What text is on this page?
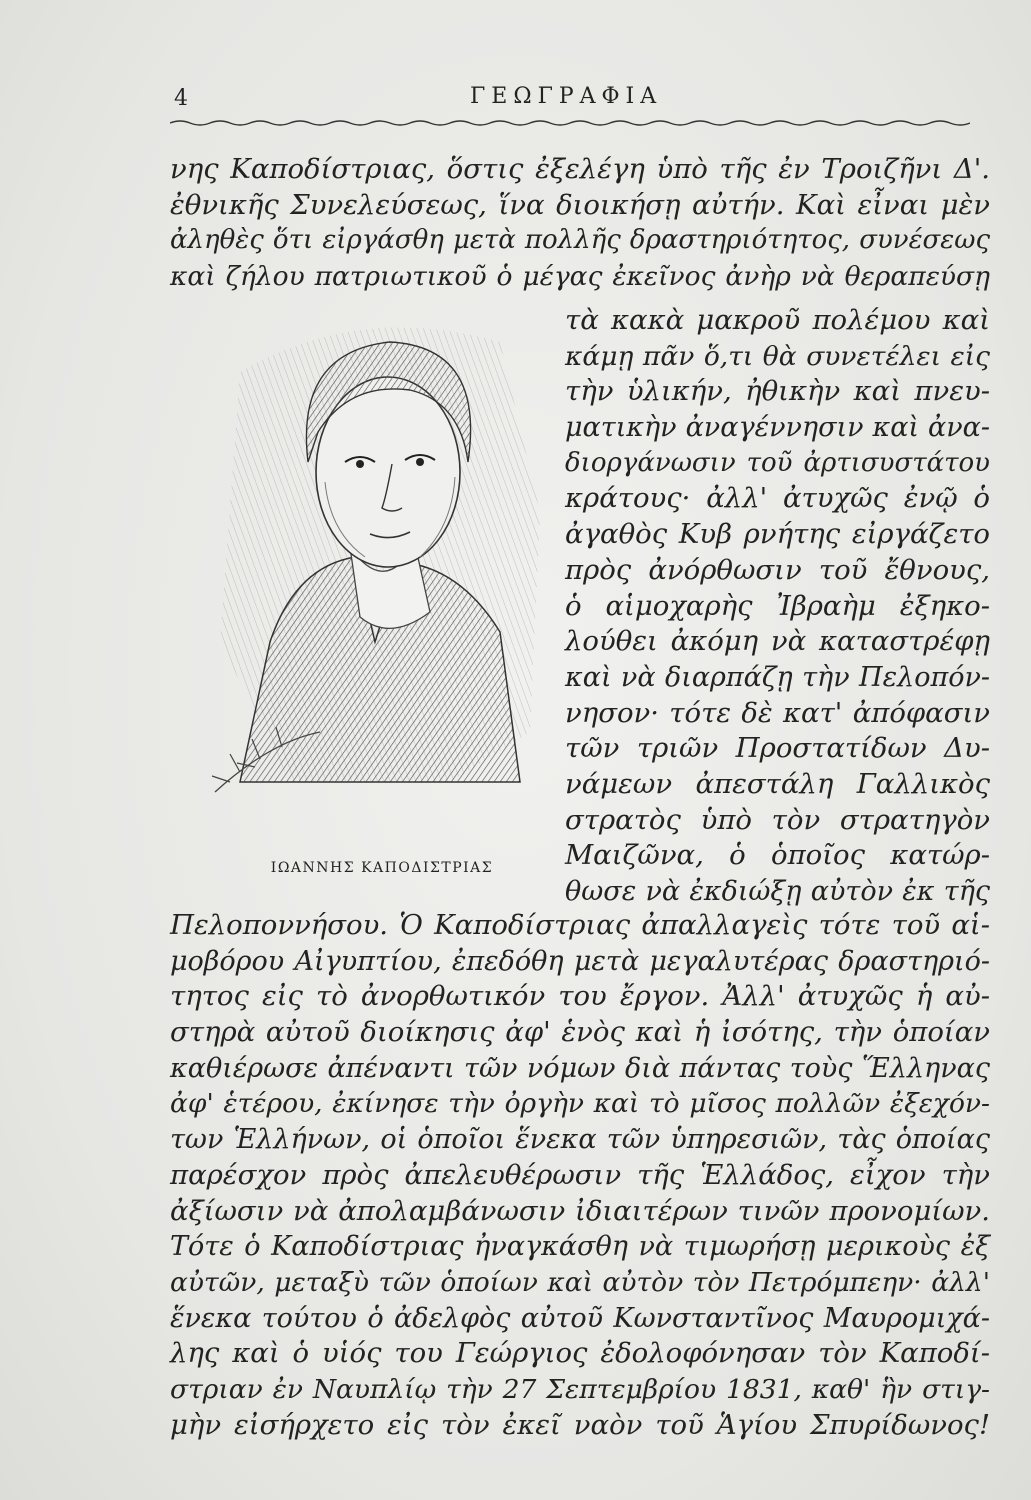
4	ΓΕΩΓΡΑΦΙΑ
νης Καποδίστριας, ὅστις ἐξελέγη ὑπὸ τῆς ἐν Τροιζῆνι Δ'.
ἐθνικῆς Συνελεύσεως, ἵνα διοικήσῃ αὐτήν. Καὶ εἶναι μὲν
ἀληθὲς ὅτι εἰργάσθη μετὰ πολλῆς δραστηριότητος, συνέσεως
καὶ ζήλου πατριωτικοῦ ὁ μέγας ἐκεῖνος ἀνὴρ νὰ θεραπεύσῃ
τὰ κακὰ μακροῦ πολέμου καὶ
κάμῃ πᾶν ὅ,τι θὰ συνετέλει εἰς
τὴν ὑλικήν, ἠθικὴν καὶ πνευ-
ματικὴν ἀναγέννησιν καὶ ἀνα-
διοργάνωσιν τοῦ ἀρτισυστάτου
κράτους· ἀλλ' ἀτυχῶς ἐνῷ ὁ
ἀγαθὸς Κυβ ρνήτης εἰργάζετο
πρὸς ἀνόρθωσιν τοῦ ἔθνους,
ὁ αἱμοχαρὴς Ἰβραὴμ ἐξηκο-
λούθει ἀκόμη νὰ καταστρέφῃ
καὶ νὰ διαρπάζῃ τὴν Πελοπόν-
νησον· τότε δὲ κατ' ἀπόφασιν
τῶν τριῶν Προστατίδων Δυ-
νάμεων ἀπεστάλη Γαλλικὸς
στρατὸς ὑπὸ τὸν στρατηγὸν
Μαιζῶνα, ὁ ὁποῖος κατώρ-
θωσε νὰ ἐκδιώξῃ αὐτὸν ἐκ τῆς
ΙΩΑΝΝΗΣ ΚΑΠΟΔΙΣΤΡΙΑΣ
Πελοποννήσου. Ὁ Καποδίστριας ἀπαλλαγεὶς τότε τοῦ αἱ-
μοβόρου Αἰγυπτίου, ἐπεδόθη μετὰ μεγαλυτέρας δραστηριό-
τητος εἰς τὸ ἀνορθωτικόν του ἔργον. Ἀλλ' ἀτυχῶς ἡ αὐ-
στηρὰ αὐτοῦ διοίκησις ἀφ' ἑνὸς καὶ ἡ ἰσότης, τὴν ὁποίαν
καθιέρωσε ἀπέναντι τῶν νόμων διὰ πάντας τοὺς Ἕλληνας
ἀφ' ἑτέρου, ἐκίνησε τὴν ὀργὴν καὶ τὸ μῖσος πολλῶν ἐξεχόν-
των Ἑλλήνων, οἱ ὁποῖοι ἕνεκα τῶν ὑπηρεσιῶν, τὰς ὁποίας
παρέσχον πρὸς ἀπελευθέρωσιν τῆς Ἑλλάδος, εἶχον τὴν
ἀξίωσιν νὰ ἀπολαμβάνωσιν ἰδιαιτέρων τινῶν προνομίων.
Τότε ὁ Καποδίστριας ἠναγκάσθη νὰ τιμωρήσῃ μερικοὺς ἐξ
αὐτῶν, μεταξὺ τῶν ὁποίων καὶ αὐτὸν τὸν Πετρόμπεην· ἀλλ'
ἕνεκα τούτου ὁ ἀδελφὸς αὐτοῦ Κωνσταντῖνος Μαυρομιχά-
λης καὶ ὁ υἱός του Γεώργιος ἐδολοφόνησαν τὸν Καποδί-
στριαν ἐν Ναυπλίῳ τὴν 27 Σεπτεμβρίου 1831, καθ' ἣν στιγ-
μὴν εἰσήρχετο εἰς τὸν ἐκεῖ ναὸν τοῦ Ἁγίου Σπυρίδωνος!
